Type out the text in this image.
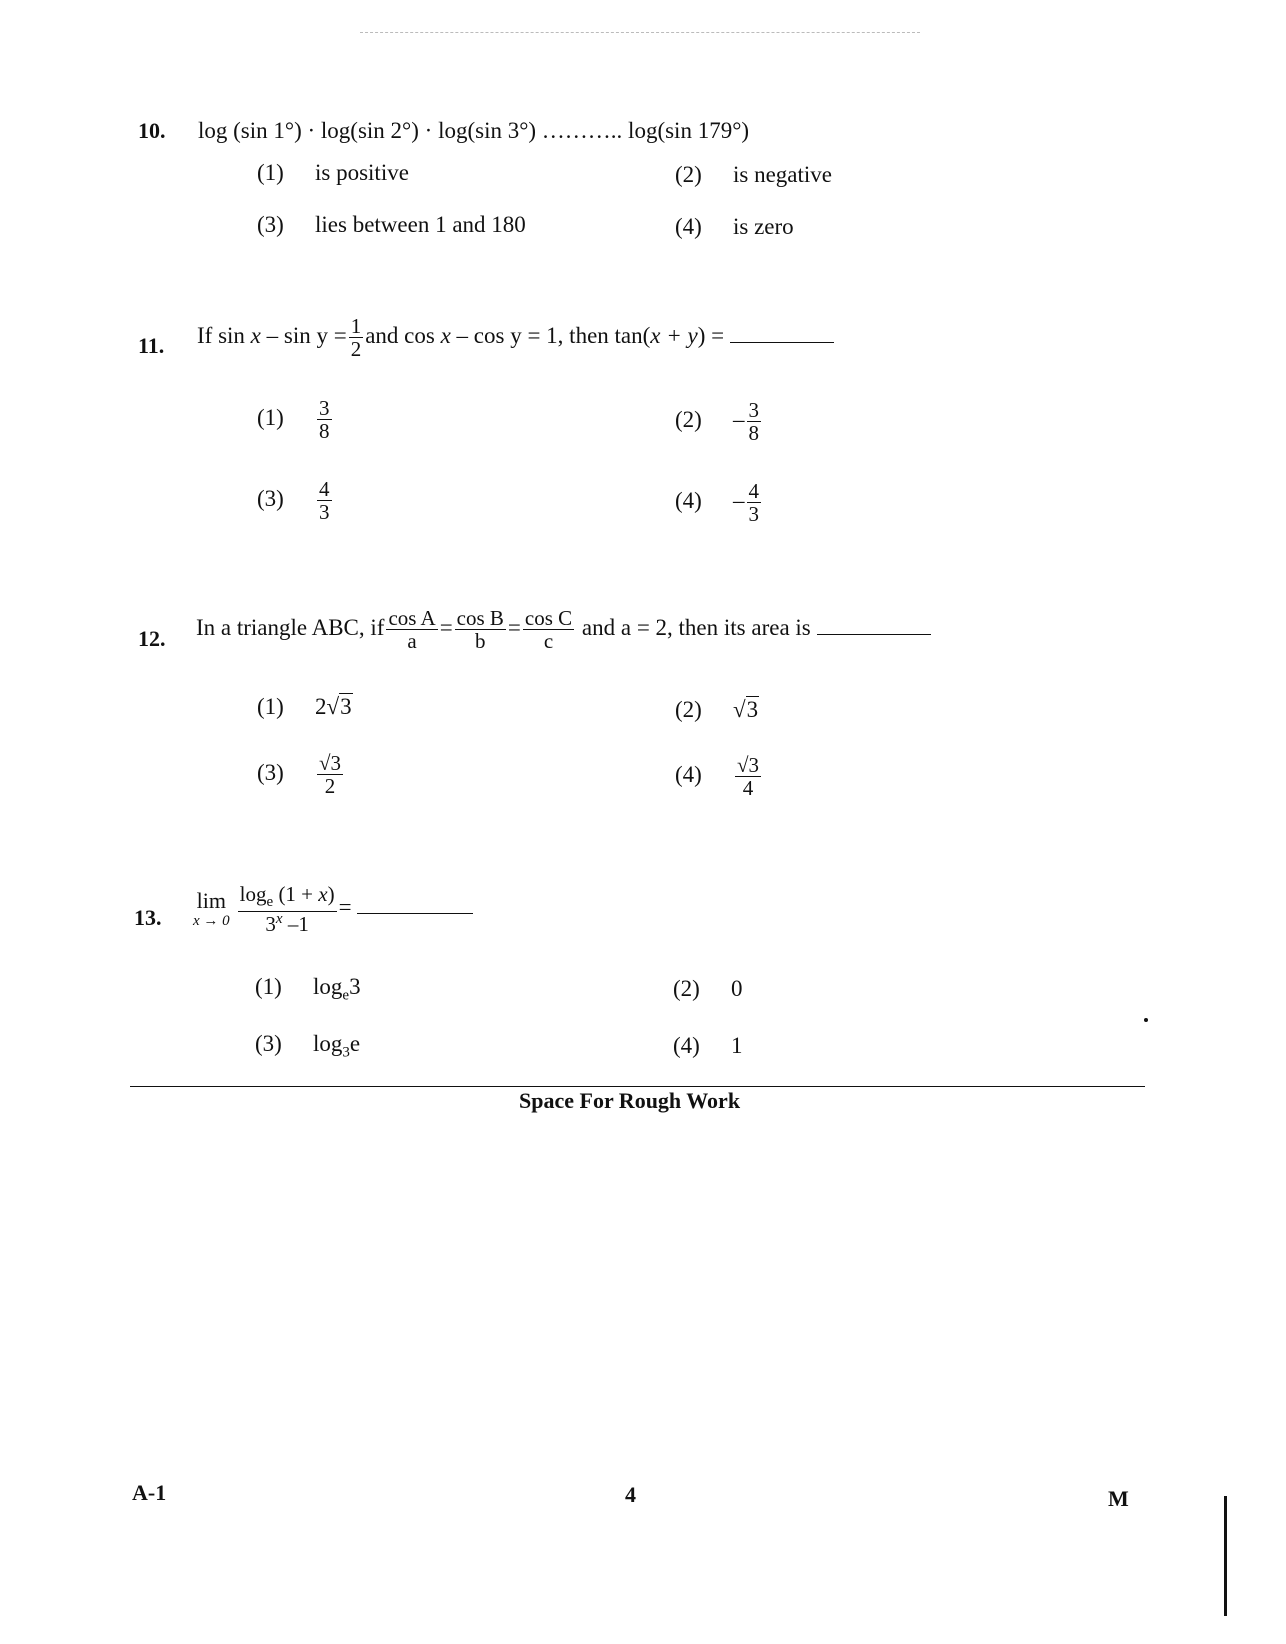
10. log (sin 1°) · log(sin 2°) · log(sin 3°) ……….. log(sin 179°)
(1) is positive	(2) is negative
(3) lies between 1 and 180	(4) is zero
11. If $\sin x - \sin y = \frac{1}{2}$ and cos x – cos y = 1, then tan(x + y) =
$(1) \frac{3}{8}$	$(2) - \frac{3}{8}$
$(3) \frac{4}{3}$	$(4) - \frac{4}{3}$
12. In a triangle ABC, if $\frac{\text{cos A}}{a} = \frac{\text{cos B}}{b} = \frac{\text{cos C}}{c}$ and a = 2, then its area is
(1) 2√3	(2) √3
$(3) \frac{√3}{2}$	$(4) \frac{√3}{4}$
13.
lim
$x \to 0 \frac{\log_e (1 + x)}{3^x -1}$ =
(1) $\log_e3$	(2) 0
(3) $\log_3e$	(4) 1
Space For Rough Work
A-1	4	M
